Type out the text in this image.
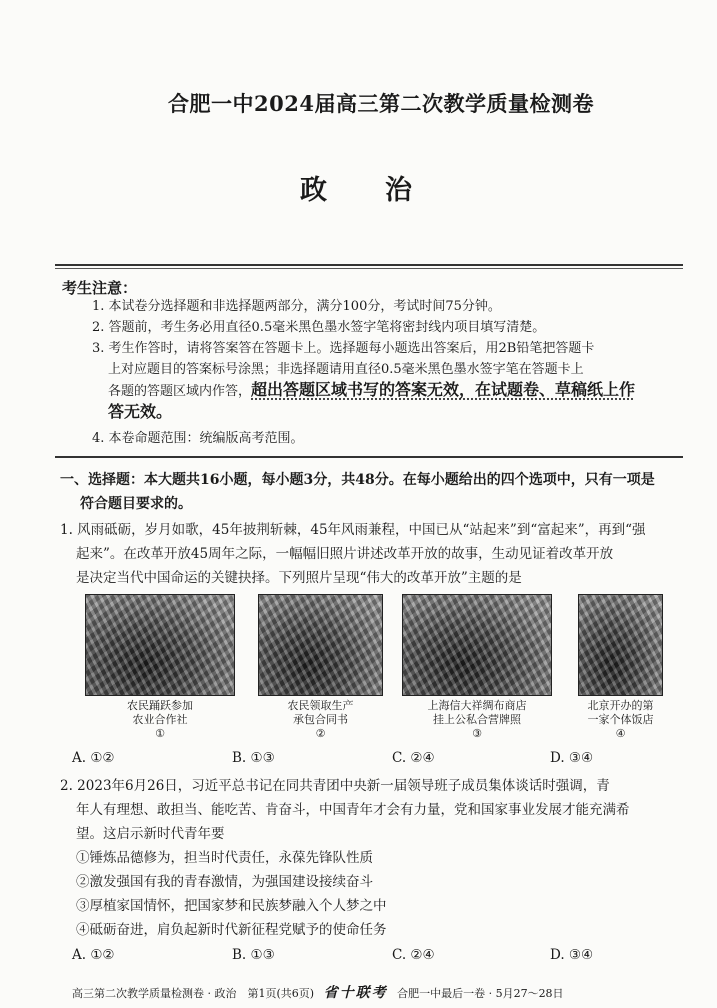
合肥一中2024届高三第二次教学质量检测卷
政治
考生注意：
1. 本试卷分选择题和非选择题两部分，满分100分，考试时间75分钟。
2. 答题前，考生务必用直径0.5毫米黑色墨水签字笔将密封线内项目填写清楚。
3. 考生作答时，请将答案答在答题卡上。选择题每小题选出答案后，用2B铅笔把答题卡
上对应题目的答案标号涂黑；非选择题请用直径0.5毫米黑色墨水签字笔在答题卡上
各题的答题区域内作答，超出答题区域书写的答案无效，在试题卷、草稿纸上作
答无效。
4. 本卷命题范围：统编版高考范围。
一、选择题：本大题共16小题，每小题3分，共48分。在每小题给出的四个选项中，只有一项是
符合题目要求的。
1. 风雨砥砺，岁月如歌，45年披荆斩棘，45年风雨兼程，中国已从“站起来”到“富起来”，再到“强
起来”。在改革开放45周年之际，一幅幅旧照片讲述改革开放的故事，生动见证着改革开放
是决定当代中国命运的关键抉择。下列照片呈现“伟大的改革开放”主题的是
农民踊跃参加
农业合作社
①
农民领取生产
承包合同书
②
上海信大祥绸布商店
挂上公私合营牌照
③
北京开办的第
一家个体饭店
④
A. ①②	B. ①③	C. ②④	D. ③④
2. 2023年6月26日，习近平总书记在同共青团中央新一届领导班子成员集体谈话时强调，青
年人有理想、敢担当、能吃苦、肯奋斗，中国青年才会有力量，党和国家事业发展才能充满希
望。这启示新时代青年要
①锤炼品德修为，担当时代责任，永葆先锋队性质
②激发强国有我的青春激情，为强国建设接续奋斗
③厚植家国情怀，把国家梦和民族梦融入个人梦之中
④砥砺奋进，肩负起新时代新征程党赋予的使命任务
A. ①②	B. ①③	C. ②④	D. ③④
高三第二次教学质量检测卷 · 政治　第1页(共6页) 省十联考 合肥一中最后一卷 · 5月27～28日
